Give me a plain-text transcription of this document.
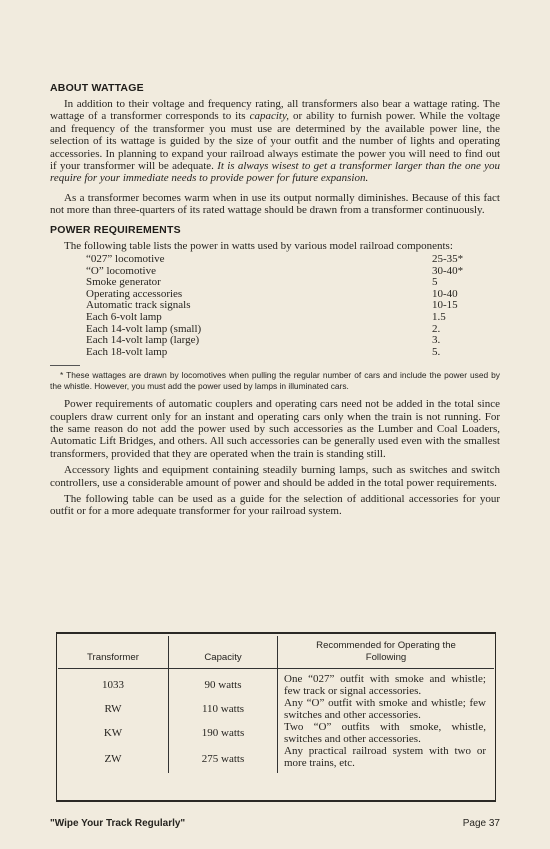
ABOUT WATTAGE

In addition to their voltage and frequency rating, all transformers also bear a wattage rating. The wattage of a transformer corresponds to its capacity, or ability to furnish power. While the voltage and frequency of the transformer you must use are determined by the available power line, the selection of its wattage is guided by the size of your outfit and the number of lights and operating accessories. In planning to expand your railroad always estimate the power you will need to find out if your transformer will be adequate. It is always wisest to get a transformer larger than the one you require for your immediate needs to provide power for future expansion.

As a transformer becomes warm when in use its output normally diminishes. Because of this fact not more than three-quarters of its rated wattage should be drawn from a transformer continuously.

POWER REQUIREMENTS

The following table lists the power in watts used by various model railroad components:

“027” locomotive	25-35*
“O” locomotive	30-40*
Smoke generator	5
Operating accessories	10-40
Automatic track signals	10-15
Each 6-volt lamp	1.5
Each 14-volt lamp (small)	2.
Each 14-volt lamp (large)	3.
Each 18-volt lamp	5.
* These wattages are drawn by locomotives when pulling the regular number of cars and include the power used by the whistle. However, you must add the power used by lamps in illuminated cars.

Power requirements of automatic couplers and operating cars need not be added in the total since couplers draw current only for an instant and operating cars only when the train is not running. For the same reason do not add the power used by such accessories as the Lumber and Coal Loaders, Automatic Lift Bridges, and others. All such accessories can be generally used even with the smallest transformers, provided that they are operated when the train is standing still.

Accessory lights and equipment containing steadily burning lamps, such as switches and switch controllers, use a considerable amount of power and should be added in the total power requirements.

The following table can be used as a guide for the selection of additional accessories for your outfit or for a more adequate transformer for your railroad system.

Transformer	Capacity	Recommended for Operating the Following
1033	90 watts	One “027” outfit with smoke and whistle; few track or signal accessories.
RW	110 watts	Any “O” outfit with smoke and whistle; few switches and other accessories.
KW	190 watts	Two “O” outfits with smoke, whistle, switches and other accessories.
ZW	275 watts	Any practical railroad system with two or more trains, etc.
"Wipe Your Track Regularly"	Page 37
